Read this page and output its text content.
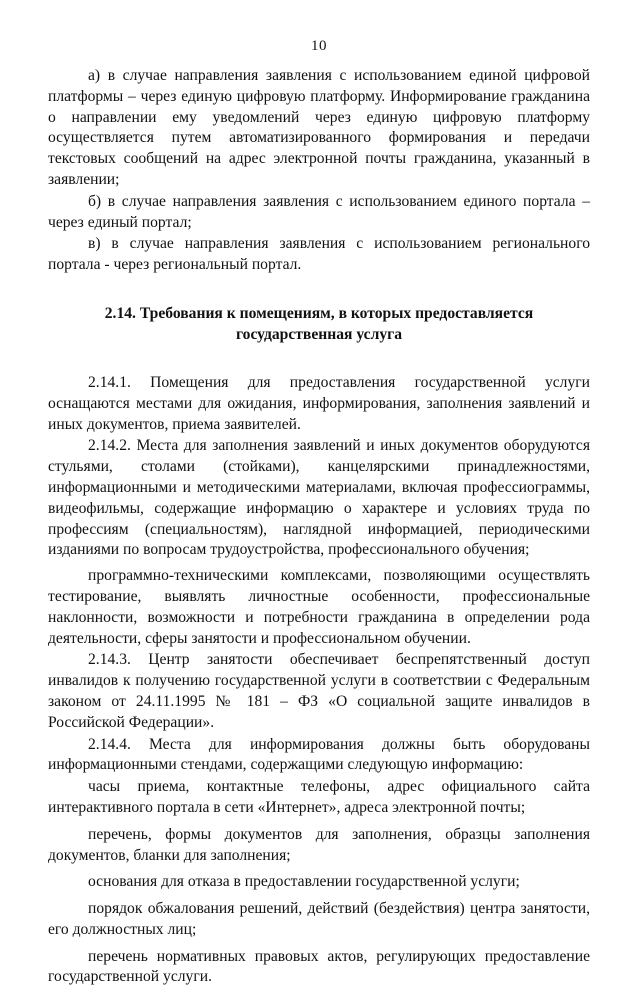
10

а) в случае направления заявления с использованием единой цифровой платформы – через единую цифровую платформу. Информирование гражданина о направлении ему уведомлений через единую цифровую платформу осуществляется путем автоматизированного формирования и передачи текстовых сообщений на адрес электронной почты гражданина, указанный в заявлении;

б) в случае направления заявления с использованием единого портала – через единый портал;

в) в случае направления заявления с использованием регионального портала - через региональный портал.

2.14. Требования к помещениям, в которых предоставляется
государственная услуга

2.14.1. Помещения для предоставления государственной услуги оснащаются местами для ожидания, информирования, заполнения заявлений и иных документов, приема заявителей.

2.14.2. Места для заполнения заявлений и иных документов оборудуются стульями, столами (стойками), канцелярскими принадлежностями, информационными и методическими материалами, включая профессиограммы, видеофильмы, содержащие информацию о характере и условиях труда по профессиям (специальностям), наглядной информацией, периодическими изданиями по вопросам трудоустройства, профессионального обучения;

программно-техническими комплексами, позволяющими осуществлять тестирование, выявлять личностные особенности, профессиональные наклонности, возможности и потребности гражданина в определении рода деятельности, сферы занятости и профессиональном обучении.

2.14.3. Центр занятости обеспечивает беспрепятственный доступ инвалидов к получению государственной услуги в соответствии с Федеральным законом от 24.11.1995 № 181 – ФЗ «О социальной защите инвалидов в Российской Федерации».

2.14.4. Места для информирования должны быть оборудованы информационными стендами, содержащими следующую информацию:

часы приема, контактные телефоны, адрес официального сайта интерактивного портала в сети «Интернет», адреса электронной почты;

перечень, формы документов для заполнения, образцы заполнения документов, бланки для заполнения;

основания для отказа в предоставлении государственной услуги;

порядок обжалования решений, действий (бездействия) центра занятости, его должностных лиц;

перечень нормативных правовых актов, регулирующих предоставление государственной услуги.
